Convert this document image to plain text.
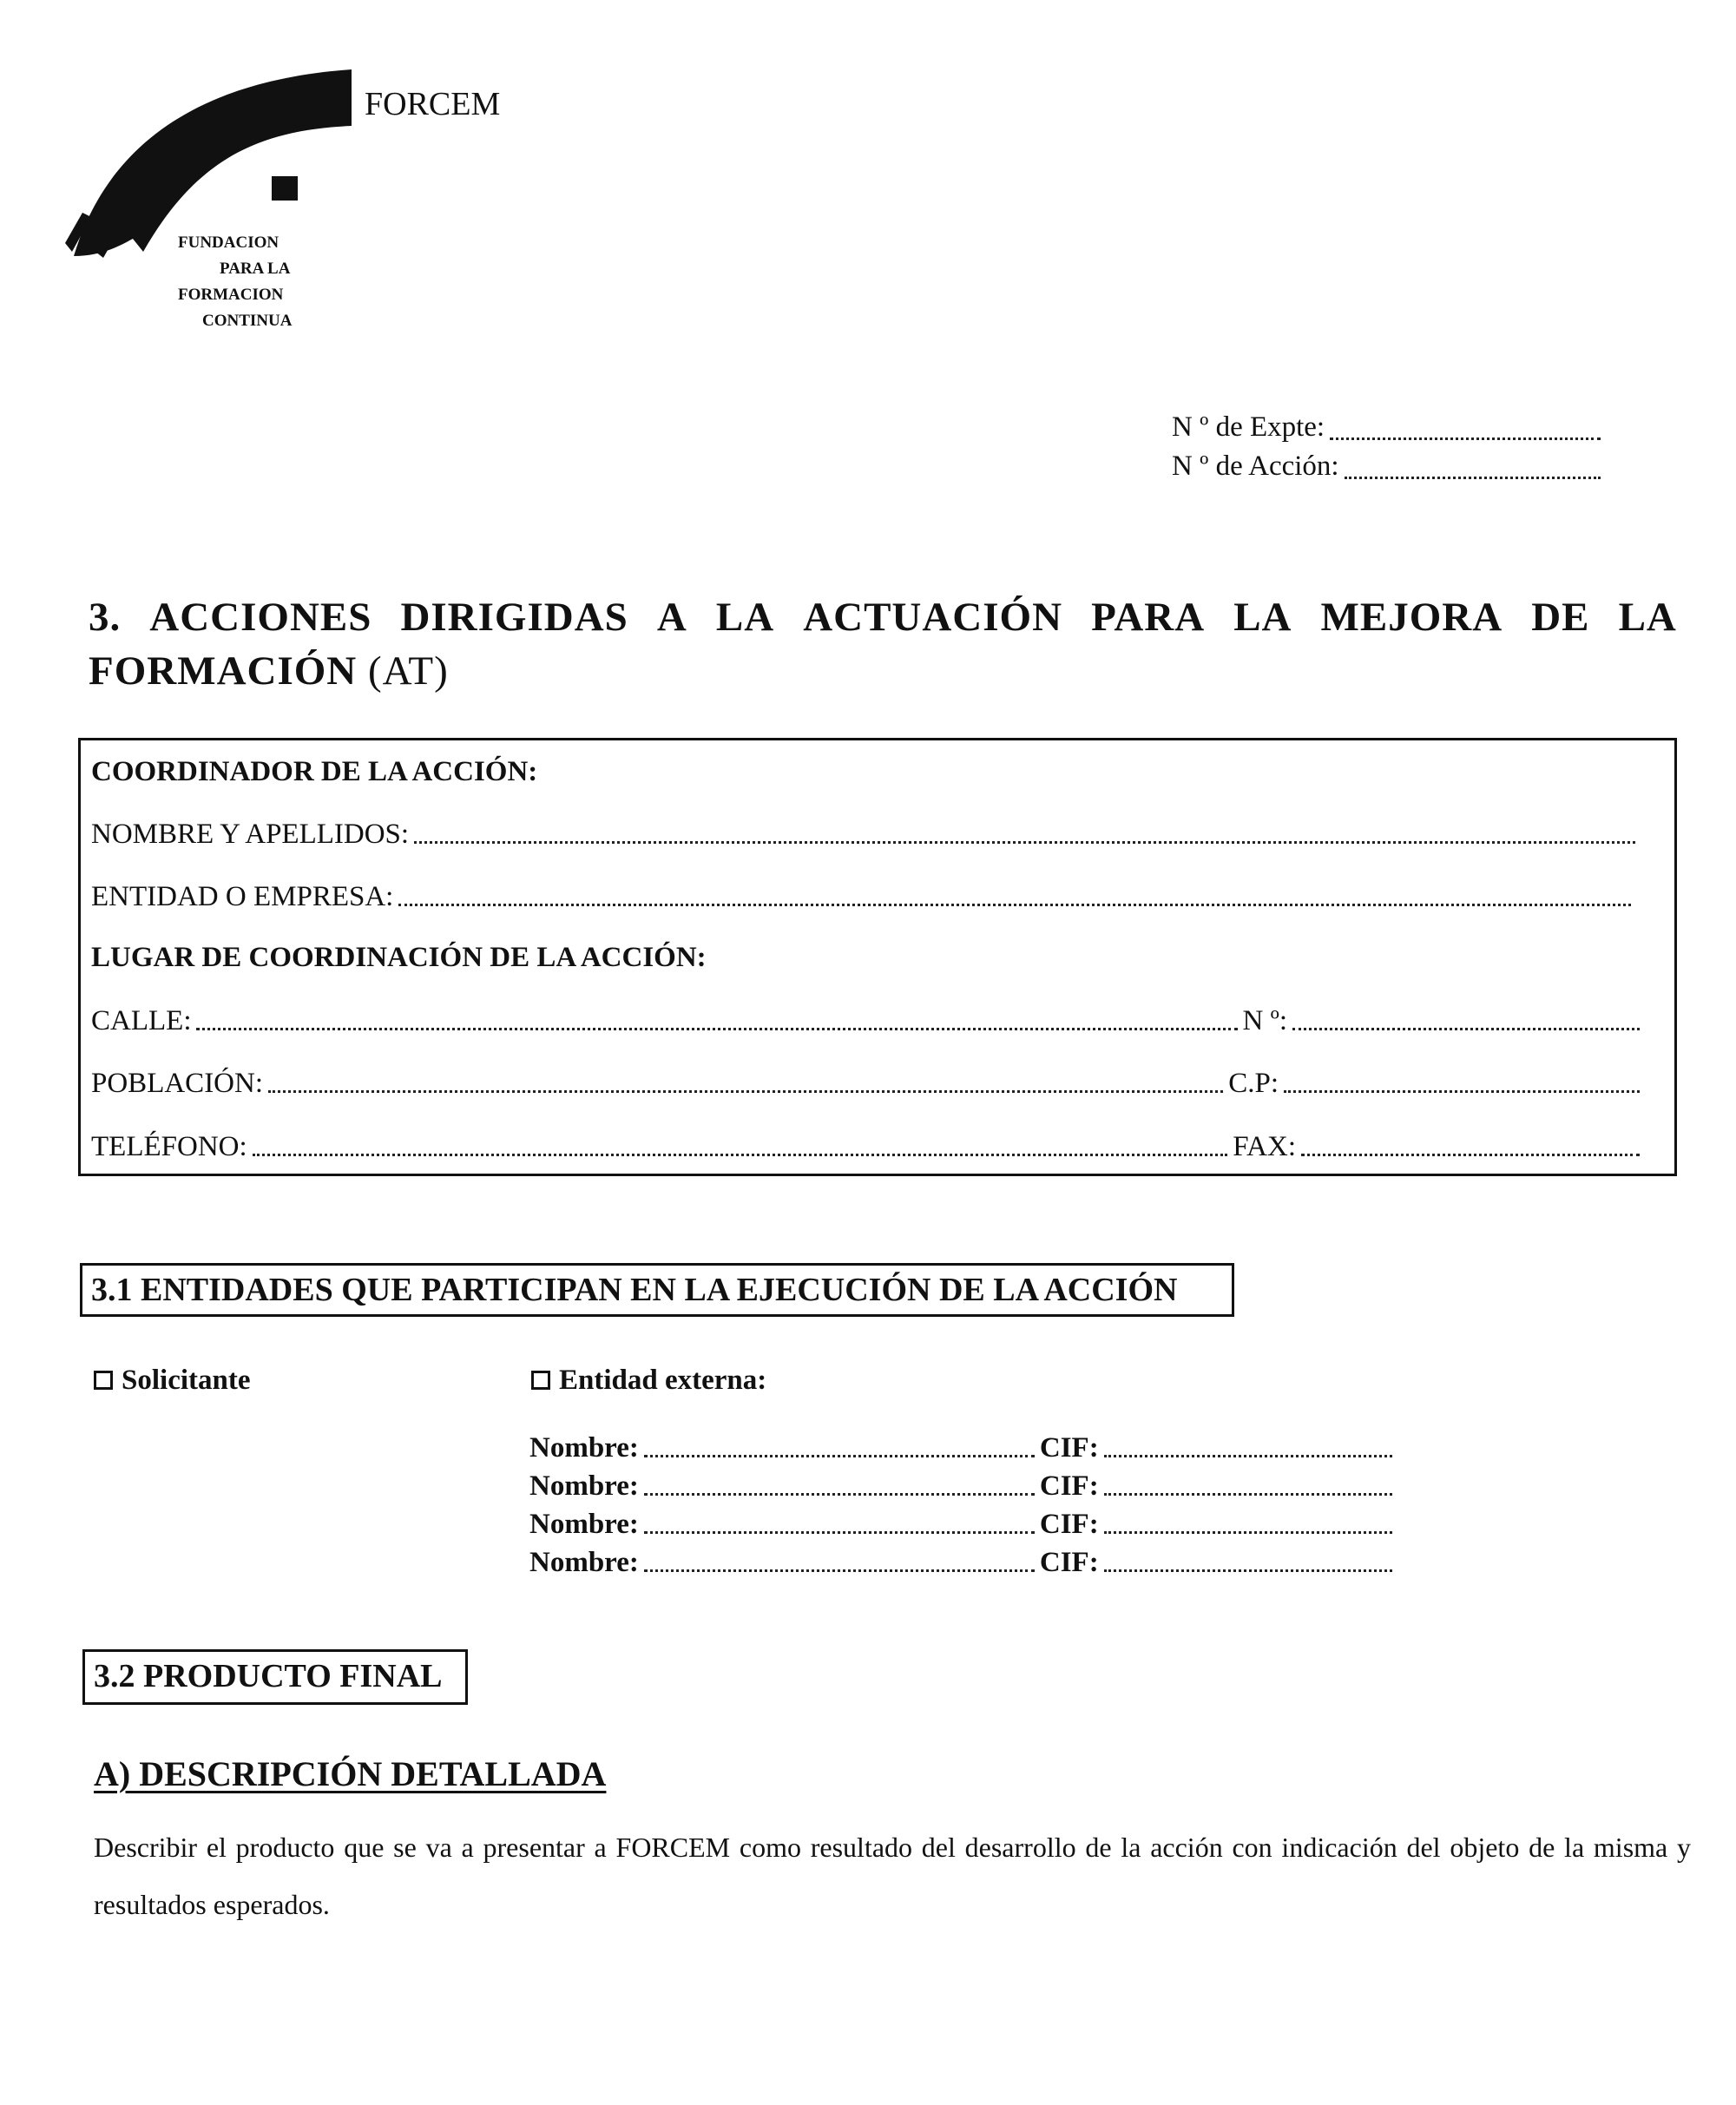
FORCEM
FUNDACION
PARA LA
FORMACION
CONTINUA
N º de Expte:
N º de Acción:
3. ACCIONES DIRIGIDAS A LA ACTUACIÓN PARA LA MEJORA DE LA
FORMACIÓN (AT)
COORDINADOR DE LA ACCIÓN:
NOMBRE Y APELLIDOS:
ENTIDAD O EMPRESA:
LUGAR DE COORDINACIÓN DE LA ACCIÓN:
CALLE:	N º:
POBLACIÓN:	C.P:
TELÉFONO:	FAX:
3.1 ENTIDADES QUE PARTICIPAN EN LA EJECUCIÓN DE LA ACCIÓN
Solicitante	Entidad externa:
Nombre:	CIF:
Nombre:	CIF:
Nombre:	CIF:
Nombre:	CIF:
3.2 PRODUCTO FINAL
A) DESCRIPCIÓN DETALLADA
Describir el producto que se va a presentar a FORCEM como resultado del desarrollo de la acción con indicación del objeto de la misma y resultados esperados.
